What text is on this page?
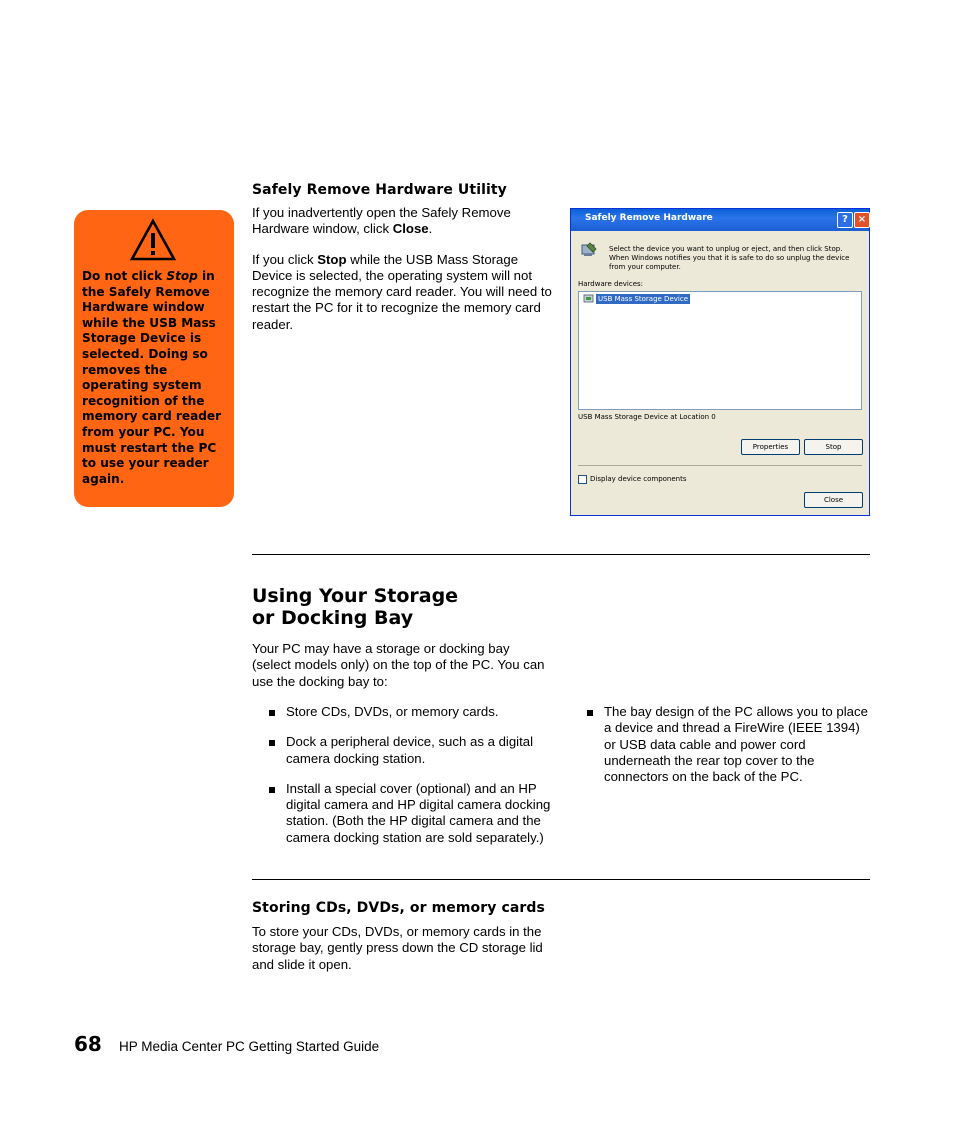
Safely Remove Hardware Utility

If you inadvertently open the Safely Remove Hardware window, click Close.

If you click Stop while the USB Mass Storage Device is selected, the operating system will not recognize the memory card reader. You will need to restart the PC for it to recognize the memory card reader.

Do not click Stop in the Safely Remove Hardware window while the USB Mass Storage Device is selected. Doing so removes the operating system recognition of the memory card reader from your PC. You must restart the PC to use your reader again.
Safely Remove Hardware	? ×
Select the device you want to unplug or eject, and then click Stop. When Windows notifies you that it is safe to do so unplug the device from your computer.
Hardware devices:
USB Mass Storage Device
USB Mass Storage Device at Location 0
Properties	Stop
Display device components
Close
Using Your Storage
or Docking Bay
Your PC may have a storage or docking bay (select models only) on the top of the PC. You can use the docking bay to:
Store CDs, DVDs, or memory cards.
Dock a peripheral device, such as a digital camera docking station.
Install a special cover (optional) and an HP digital camera and HP digital camera docking station. (Both the HP digital camera and the camera docking station are sold separately.)
The bay design of the PC allows you to place a device and thread a FireWire (IEEE 1394) or USB data cable and power cord underneath the rear top cover to the connectors on the back of the PC.
Storing CDs, DVDs, or memory cards
To store your CDs, DVDs, or memory cards in the storage bay, gently press down the CD storage lid and slide it open.
68 HP Media Center PC Getting Started Guide
